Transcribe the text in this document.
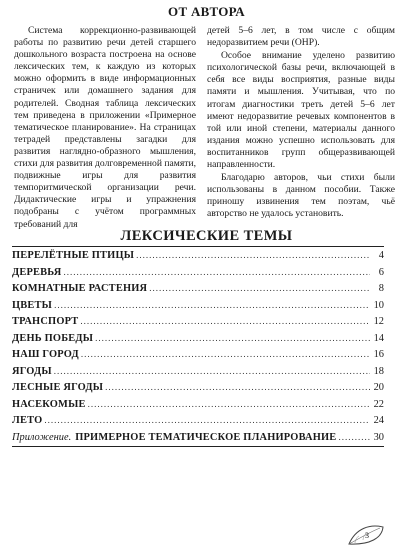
ОТ АВТОРА

Система коррекционно-развивающей работы по развитию речи детей старшего дошкольного возраста построена на основе лексических тем, к каждую из которых можно оформить в виде информационных страничек или домашнего задания для родителей. Сводная таблица лексических тем приведена в приложении «Примерное тематическое планирование». На страницах тетрадей представлены загадки для развития наглядно-образного мышления, стихи для развития долговременной памяти, подвижные игры для развития темпоритмической организации речи. Дидактические игры и упражнения подобраны с учётом программных требований для

детей 5–6 лет, в том числе с общим недоразвитием речи (ОНР).

Особое внимание уделено развитию психологической базы речи, включающей в себя все виды восприятия, разные виды памяти и мышления. Учитывая, что по итогам диагностики треть детей 5–6 лет имеют недоразвитие речевых компонентов в той или иной степени, материалы данного издания можно успешно использовать для воспитанников групп общеразвивающей направленности.

Благодарю авторов, чьи стихи были использованы в данном пособии. Также приношу извинения тем поэтам, чьё авторство не удалось установить.

ЛЕКСИЧЕСКИЕ ТЕМЫ
ПЕРЕЛЁТНЫЕ ПТИЦЫ .....	4
ДЕРЕВЬЯ .....	6
КОМНАТНЫЕ РАСТЕНИЯ .....	8
ЦВЕТЫ .....	10
ТРАНСПОРТ .....	12
ДЕНЬ ПОБЕДЫ .....	14
НАШ ГОРОД .....	16
ЯГОДЫ .....	18
ЛЕСНЫЕ ЯГОДЫ .....	20
НАСЕКОМЫЕ .....	22
ЛЕТО .....	24
Приложение. ПРИМЕРНОЕ ТЕМАТИЧЕСКОЕ ПЛАНИРОВАНИЕ .....	30
3
